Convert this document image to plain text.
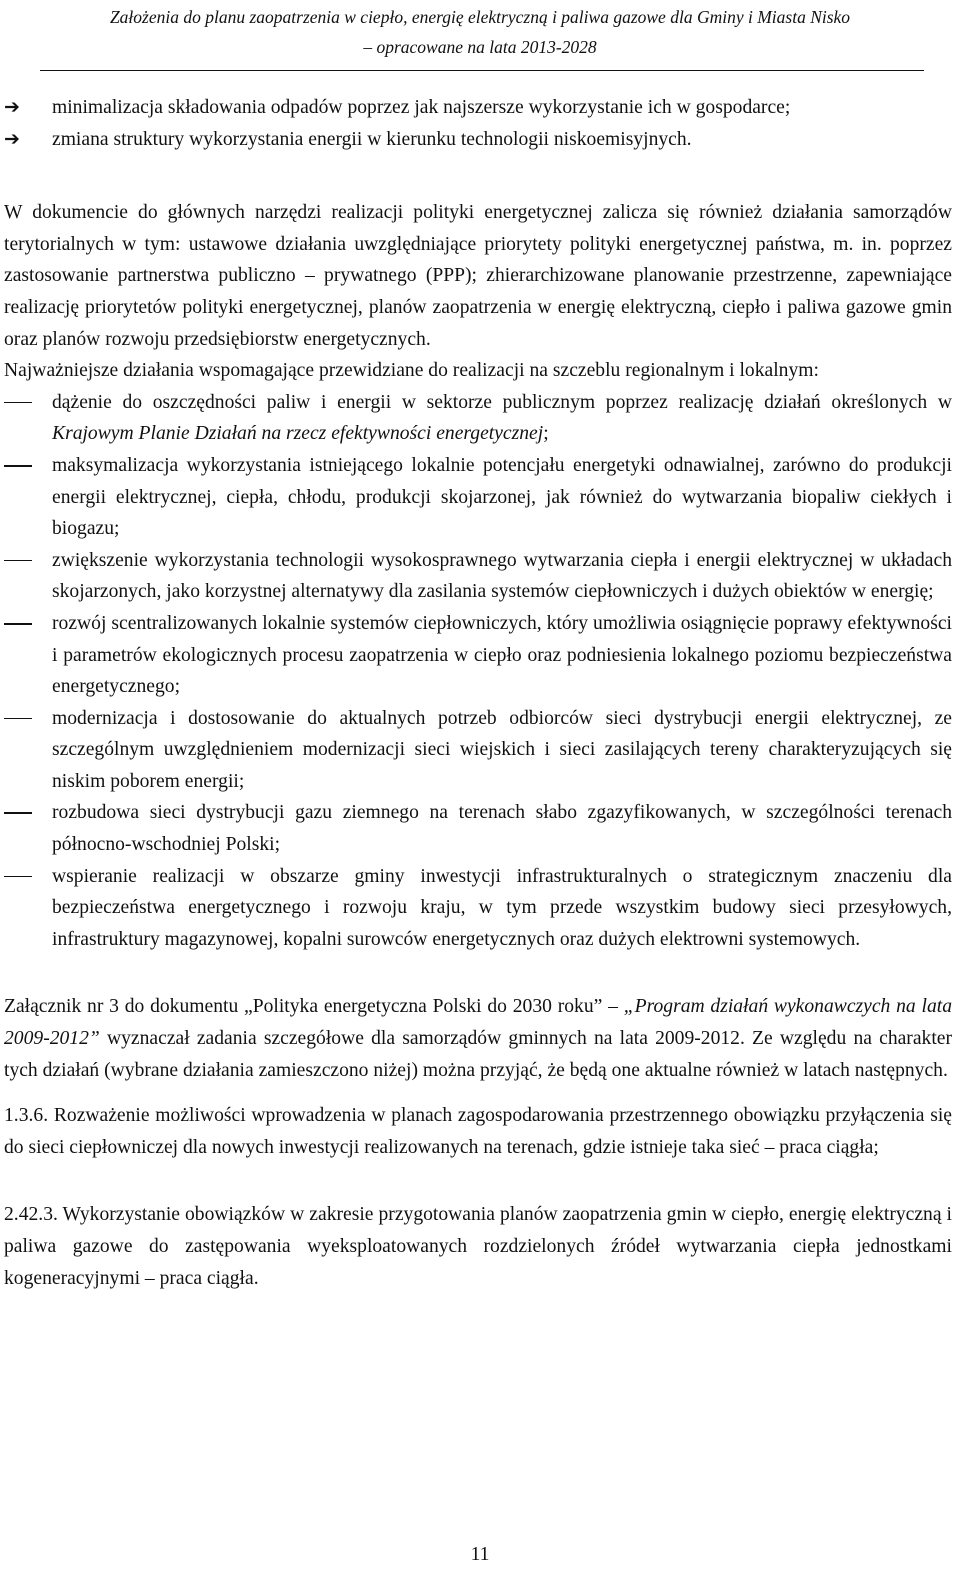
Założenia do planu zaopatrzenia w ciepło, energię elektryczną i paliwa gazowe dla Gminy i Miasta Nisko
– opracowane na lata 2013-2028
➔	minimalizacja składowania odpadów poprzez jak najszersze wykorzystanie ich w gospodarce;

➔	zmiana struktury wykorzystania energii w kierunku technologii niskoemisyjnych.

W dokumencie do głównych narzędzi realizacji polityki energetycznej zalicza się również działania samorządów terytorialnych w tym: ustawowe działania uwzględniające priorytety polityki energetycznej państwa, m. in. poprzez zastosowanie partnerstwa publiczno – prywatnego (PPP); zhierarchizowane planowanie przestrzenne, zapewniające realizację priorytetów polityki energetycznej, planów zaopatrzenia w energię elektryczną, ciepło i paliwa gazowe gmin oraz planów rozwoju przedsiębiorstw energetycznych.

Najważniejsze działania wspomagające przewidziane do realizacji na szczeblu regionalnym i lokalnym:

dążenie do oszczędności paliw i energii w sektorze publicznym poprzez realizację działań określonych w Krajowym Planie Działań na rzecz efektywności energetycznej;

maksymalizacja wykorzystania istniejącego lokalnie potencjału energetyki odnawialnej, zarówno do produkcji energii elektrycznej, ciepła, chłodu, produkcji skojarzonej, jak również do wytwarzania biopaliw ciekłych i biogazu;

zwiększenie wykorzystania technologii wysokosprawnego wytwarzania ciepła i energii elektrycznej w układach skojarzonych, jako korzystnej alternatywy dla zasilania systemów ciepłowniczych i dużych obiektów w energię;

rozwój scentralizowanych lokalnie systemów ciepłowniczych, który umożliwia osiągnięcie poprawy efektywności i parametrów ekologicznych procesu zaopatrzenia w ciepło oraz podniesienia lokalnego poziomu bezpieczeństwa energetycznego;

modernizacja i dostosowanie do aktualnych potrzeb odbiorców sieci dystrybucji energii elektrycznej, ze szczególnym uwzględnieniem modernizacji sieci wiejskich i sieci zasilających tereny charakteryzujących się niskim poborem energii;

rozbudowa sieci dystrybucji gazu ziemnego na terenach słabo zgazyfikowanych, w szczególności terenach północno-wschodniej Polski;

wspieranie realizacji w obszarze gminy inwestycji infrastrukturalnych o strategicznym znaczeniu dla bezpieczeństwa energetycznego i rozwoju kraju, w tym przede wszystkim budowy sieci przesyłowych, infrastruktury magazynowej, kopalni surowców energetycznych oraz dużych elektrowni systemowych.

Załącznik nr 3 do dokumentu „Polityka energetyczna Polski do 2030 roku” – „Program działań wykonawczych na lata 2009-2012” wyznaczał zadania szczegółowe dla samorządów gminnych na lata 2009-2012. Ze względu na charakter tych działań (wybrane działania zamieszczono niżej) można przyjąć, że będą one aktualne również w latach następnych.

1.3.6. Rozważenie możliwości wprowadzenia w planach zagospodarowania przestrzennego obowiązku przyłączenia się do sieci ciepłowniczej dla nowych inwestycji realizowanych na terenach, gdzie istnieje taka sieć – praca ciągła;

2.42.3. Wykorzystanie obowiązków w zakresie przygotowania planów zaopatrzenia gmin w ciepło, energię elektryczną i paliwa gazowe do zastępowania wyeksploatowanych rozdzielonych źródeł wytwarzania ciepła jednostkami kogeneracyjnymi – praca ciągła.

11
